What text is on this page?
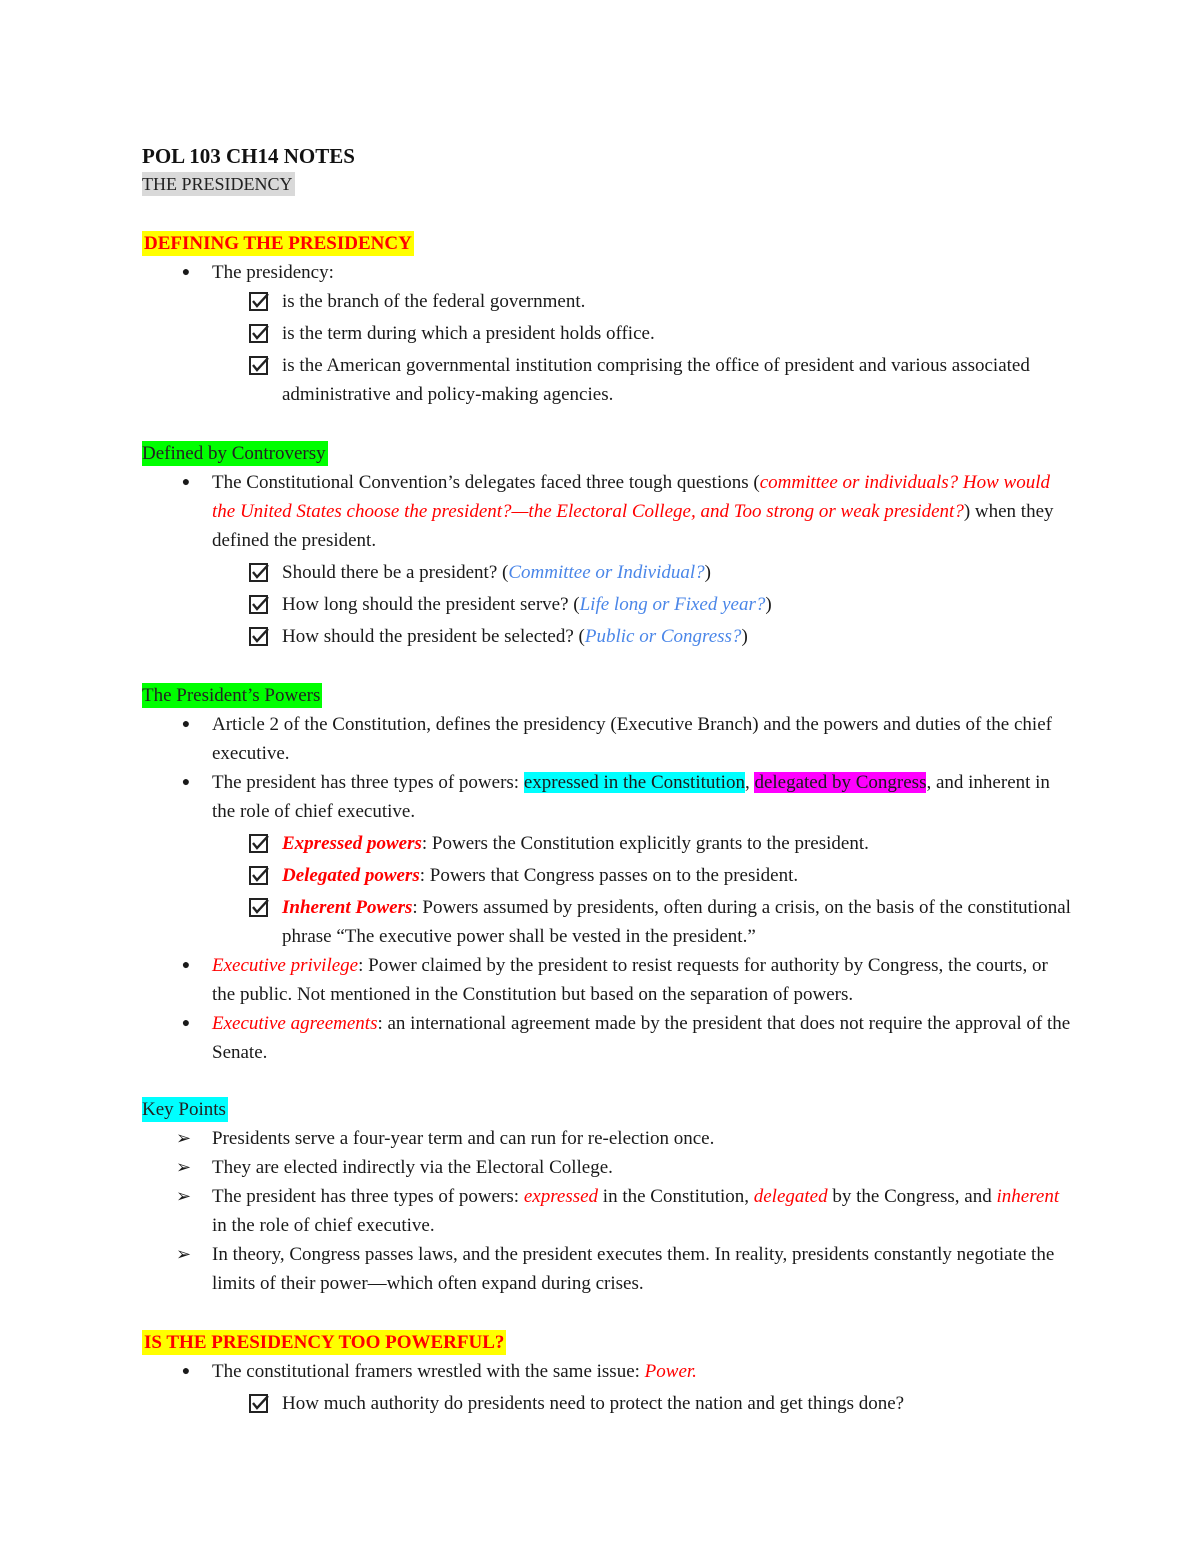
POL 103 CH14 NOTES
THE PRESIDENCY
DEFINING THE PRESIDENCY
●	The presidency:
is the branch of the federal government.
is the term during which a president holds office.
is the American governmental institution comprising the office of president and various associated administrative and policy-making agencies.
Defined by Controversy
●	The Constitutional Convention’s delegates faced three tough questions (committee or individuals? How would the United States choose the president?—the Electoral College, and Too strong or weak president?) when they defined the president.
Should there be a president? (Committee or Individual?)
How long should the president serve? (Life long or Fixed year?)
How should the president be selected? (Public or Congress?)
The President’s Powers
●	Article 2 of the Constitution, defines the presidency (Executive Branch) and the powers and duties of the chief executive.
●	The president has three types of powers: expressed in the Constitution, delegated by Congress, and inherent in the role of chief executive.
Expressed powers: Powers the Constitution explicitly grants to the president.
Delegated powers: Powers that Congress passes on to the president.
Inherent Powers: Powers assumed by presidents, often during a crisis, on the basis of the constitutional phrase “The executive power shall be vested in the president.”
●	Executive privilege: Power claimed by the president to resist requests for authority by Congress, the courts, or the public. Not mentioned in the Constitution but based on the separation of powers.
●	Executive agreements: an international agreement made by the president that does not require the approval of the Senate.
Key Points
➢ Presidents serve a four-year term and can run for re-election once.
➢ They are elected indirectly via the Electoral College.
➢ The president has three types of powers: expressed in the Constitution, delegated by the Congress, and inherent in the role of chief executive.
➢ In theory, Congress passes laws, and the president executes them. In reality, presidents constantly negotiate the limits of their power—which often expand during crises.
IS THE PRESIDENCY TOO POWERFUL?
●	The constitutional framers wrestled with the same issue: Power.
How much authority do presidents need to protect the nation and get things done?
